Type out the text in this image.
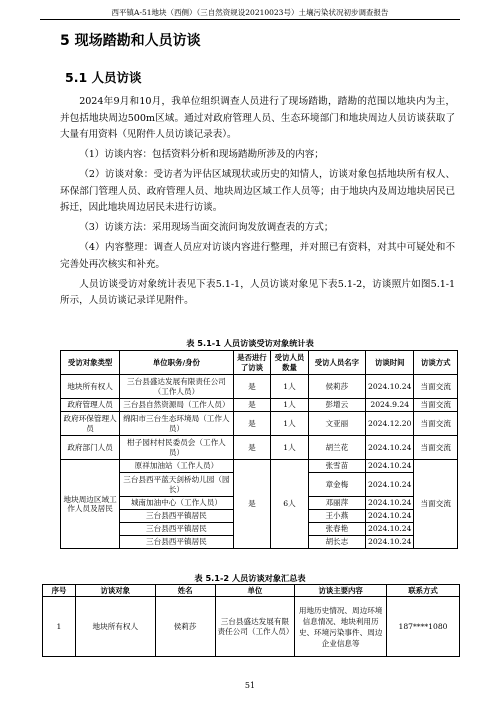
西平镇A-51地块（西侧）（三自然资规设20210023号）土壤污染状况初步调查报告
5 现场踏勘和人员访谈
5.1 人员访谈

2024年9月和10月，我单位组织调查人员进行了现场踏勘，踏勘的范围以地块内为主，并包括地块周边500m区域。通过对政府管理人员、生态环境部门和地块周边人员访谈获取了大量有用资料（见附件人员访谈记录表）。

（1）访谈内容：包括资料分析和现场踏勘所涉及的内容；

（2）访谈对象：受访者为评估区域现状或历史的知情人，访谈对象包括地块所有权人、环保部门管理人员、政府管理人员、地块周边区域工作人员等；由于地块内及周边地块居民已拆迁，因此地块周边居民未进行访谈。

（3）访谈方法：采用现场当面交流问询发放调查表的方式；

（4）内容整理：调查人员应对访谈内容进行整理，并对照已有资料，对其中可疑处和不完善处再次核实和补充。

人员访谈受访对象统计表见下表5.1-1，人员访谈对象见下表5.1-2，访谈照片如图5.1-1所示，人员访谈记录详见附件。

表 5.1-1 人员访谈受访对象统计表
受访对象类型	单位职务/身份	是否进行了访谈	受访人员数量	受访人员名字	访谈时间	访谈方式
地块所有权人	三台县盛达发展有限责任公司（工作人员）	是	1人	侯莉莎	2024.10.24	当面交流
政府管理人员	三台县自然资源局（工作人员）	是	1人	彭增云	2024.9.24	当面交流
政府环保管理人员	绵阳市三台生态环境局（工作人员）	是	1人	文亚丽	2024.12.20	当面交流
政府部门人员	柑子园村村民委员会（工作人员）	是	1人	胡兰花	2024.10.24	当面交流
地块周边区域工作人员及居民	原祥加油站（工作人员）	是	6人	张雪苗	2024.10.24	当面交流
	三台县西平蓝天剑桥幼儿园（园长）			章金梅	2024.10.24	
	城南加油中心（工作人员）			邓丽萍	2024.10.24	
	三台县西平镇居民			王小燕	2024.10.24	
	三台县西平镇居民			张春艳	2024.10.24	
	三台县西平镇居民			胡长志	2024.10.24	
表 5.1-2 人员访谈对象汇总表
序号	访谈对象	姓名	单位	访谈主要内容	联系方式
1	地块所有权人	侯莉莎	三台县盛达发展有限责任公司（工作人员）	用地历史情况、周边环境信息情况、地块利用历史、环境污染事件、周边企业信息等	187****1080
51
